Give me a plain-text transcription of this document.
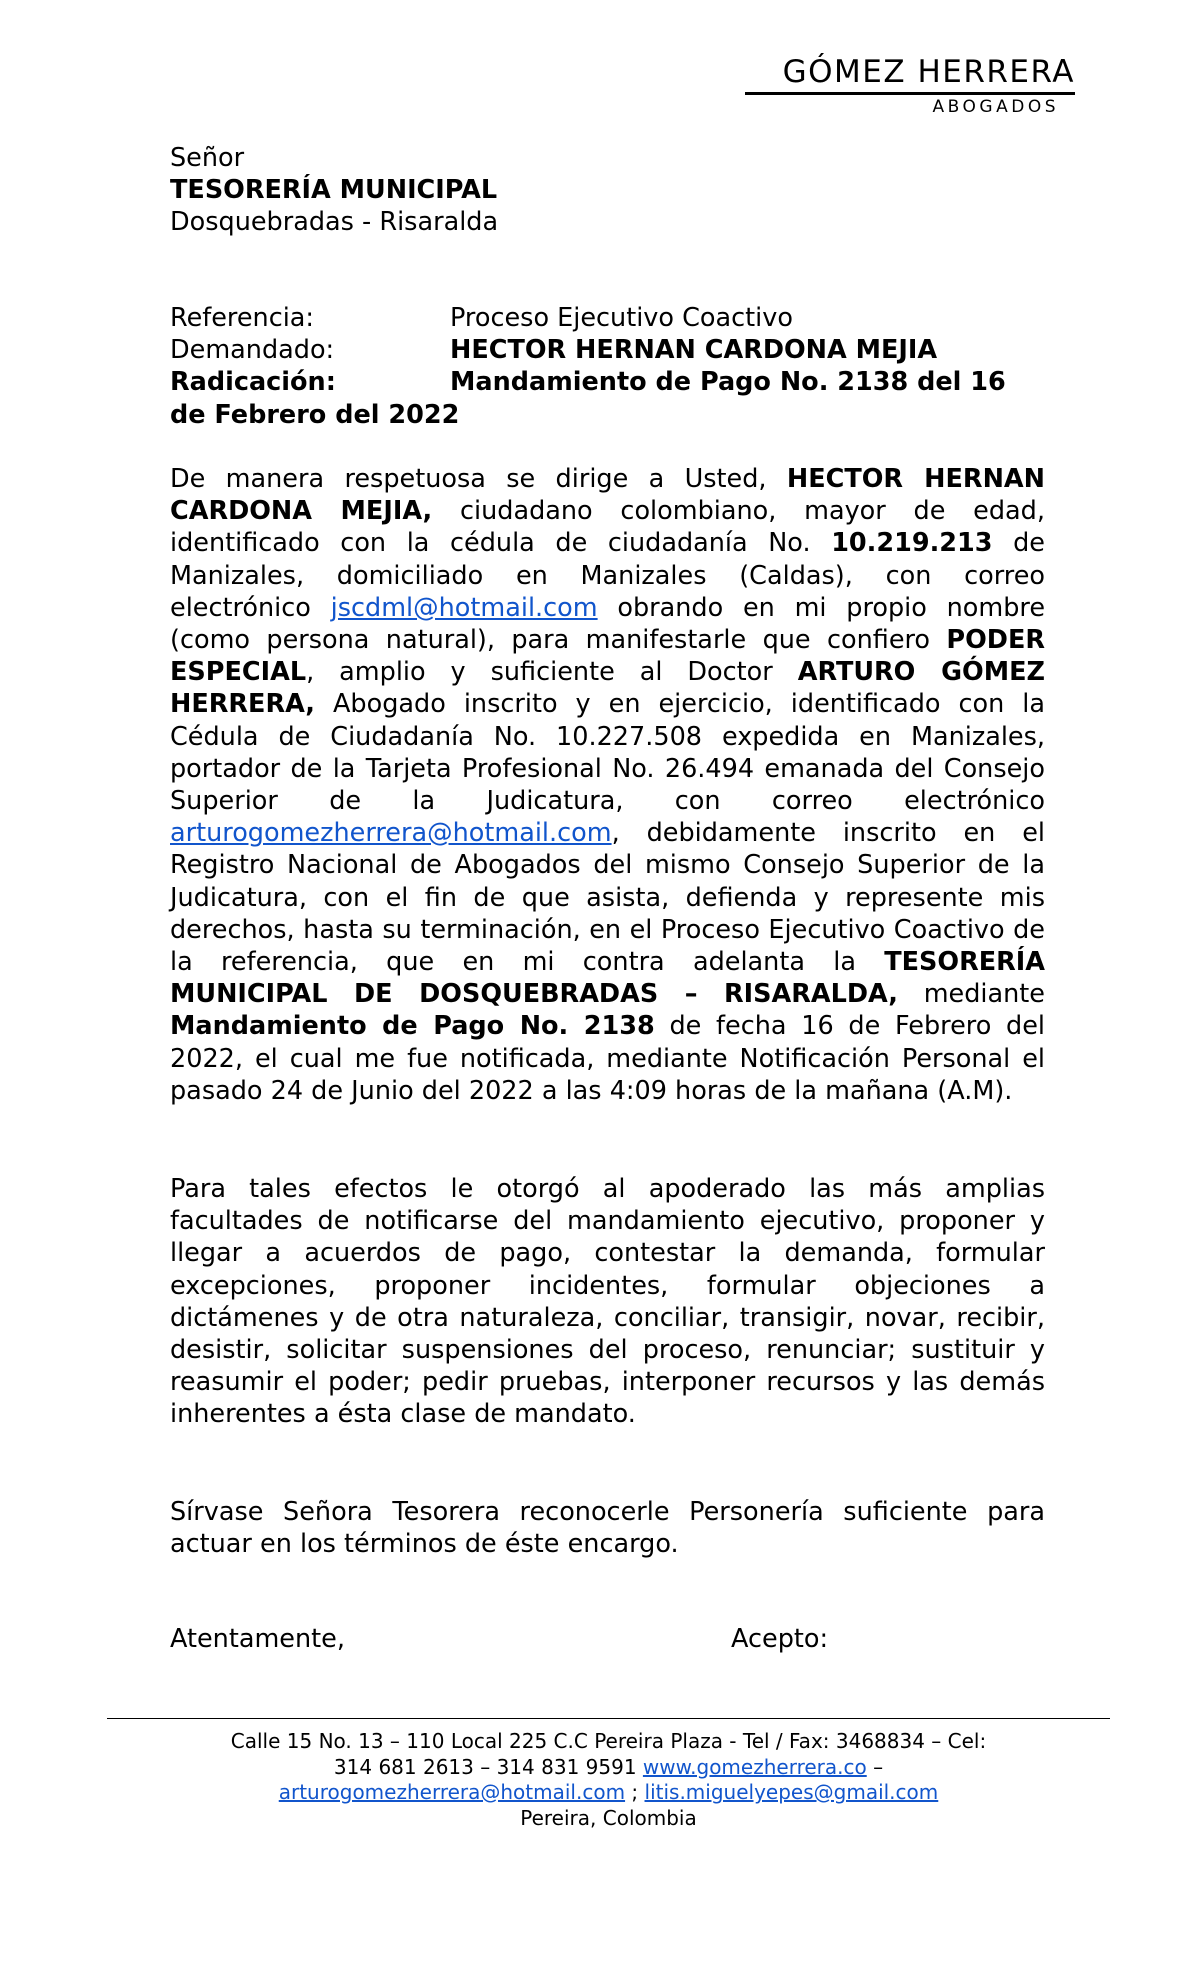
GÓMEZ HERRERA
ABOGADOS
Señor
TESORERÍA MUNICIPAL
Dosquebradas - Risaralda
Referencia:	Proceso Ejecutivo Coactivo
Demandado:	HECTOR HERNAN CARDONA MEJIA
Radicación:	Mandamiento de Pago No. 2138 del 16
de Febrero del 2022
De manera respetuosa se dirige a Usted, HECTOR HERNAN CARDONA MEJIA, ciudadano colombiano, mayor de edad, identificado con la cédula de ciudadanía No. 10.219.213 de Manizales, domiciliado en Manizales (Caldas), con correo electrónico jscdml@hotmail.com obrando en mi propio nombre (como persona natural), para manifestarle que confiero PODER ESPECIAL, amplio y suficiente al Doctor ARTURO GÓMEZ HERRERA, Abogado inscrito y en ejercicio, identificado con la Cédula de Ciudadanía No. 10.227.508 expedida en Manizales, portador de la Tarjeta Profesional No. 26.494 emanada del Consejo Superior de la Judicatura, con correo electrónico arturogomezherrera@hotmail.com, debidamente inscrito en el Registro Nacional de Abogados del mismo Consejo Superior de la Judicatura, con el fin de que asista, defienda y represente mis derechos, hasta su terminación, en el Proceso Ejecutivo Coactivo de la referencia, que en mi contra adelanta la TESORERÍA MUNICIPAL DE DOSQUEBRADAS – RISARALDA, mediante Mandamiento de Pago No. 2138 de fecha 16 de Febrero del 2022, el cual me fue notificada, mediante Notificación Personal el pasado 24 de Junio del 2022 a las 4:09 horas de la mañana (A.M).
Para tales efectos le otorgó al apoderado las más amplias facultades de notificarse del mandamiento ejecutivo, proponer y llegar a acuerdos de pago, contestar la demanda, formular excepciones, proponer incidentes, formular objeciones a dictámenes y de otra naturaleza, conciliar, transigir, novar, recibir, desistir, solicitar suspensiones del proceso, renunciar; sustituir y reasumir el poder; pedir pruebas, interponer recursos y las demás inherentes a ésta clase de mandato.
Sírvase Señora Tesorera reconocerle Personería suficiente para actuar en los términos de éste encargo.
Atentamente,	Acepto:
Calle 15 No. 13 – 110 Local 225 C.C Pereira Plaza - Tel / Fax: 3468834 – Cel:
314 681 2613 – 314 831 9591 www.gomezherrera.co –
arturogomezherrera@hotmail.com ; litis.miguelyepes@gmail.com
Pereira, Colombia
